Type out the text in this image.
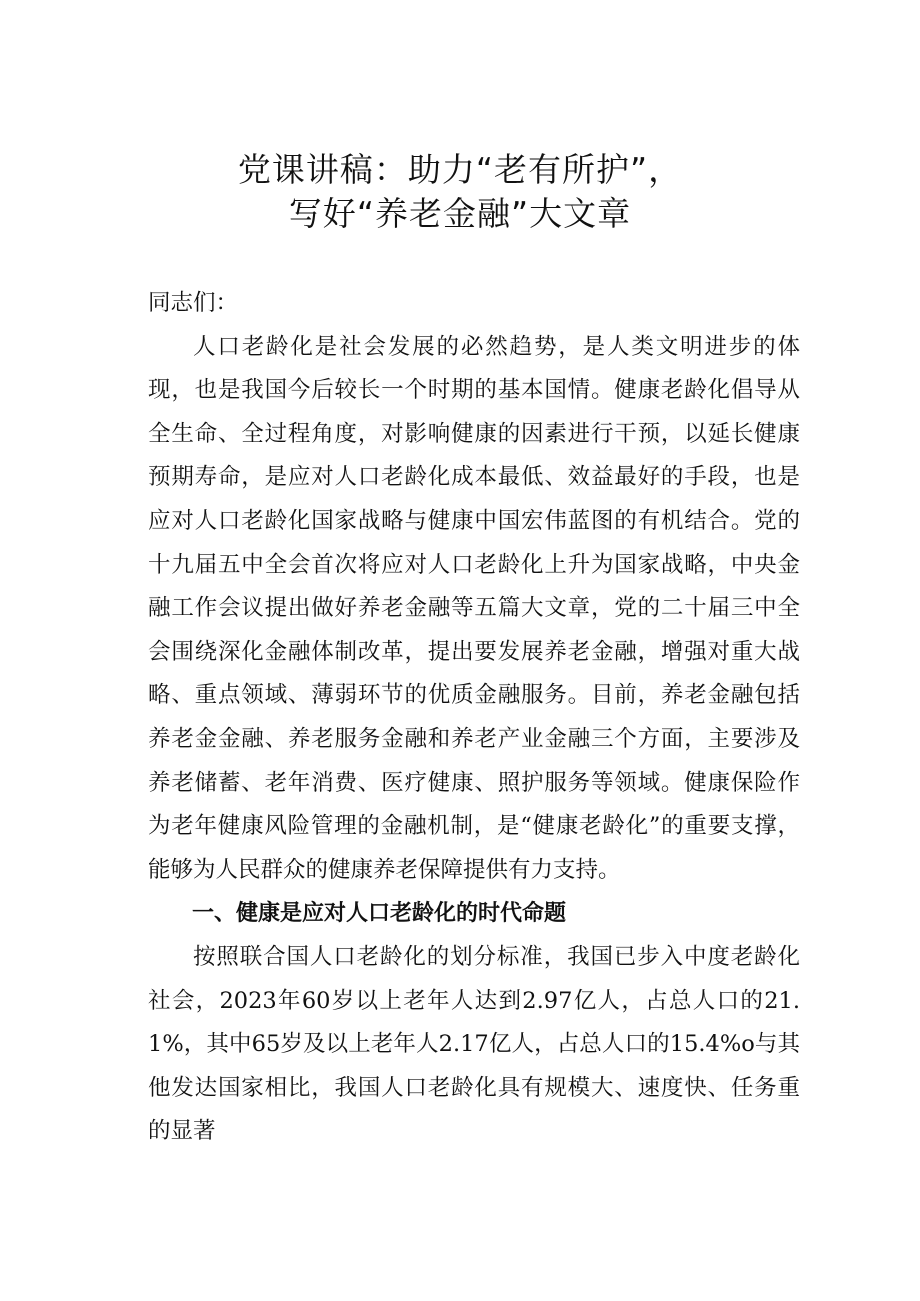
党课讲稿：助力“老有所护”，
写好“养老金融”大文章

同志们：

人口老龄化是社会发展的必然趋势，是人类文明进步的体现，也是我国今后较长一个时期的基本国情。健康老龄化倡导从全生命、全过程角度，对影响健康的因素进行干预，以延长健康预期寿命，是应对人口老龄化成本最低、效益最好的手段，也是应对人口老龄化国家战略与健康中国宏伟蓝图的有机结合。党的十九届五中全会首次将应对人口老龄化上升为国家战略，中央金融工作会议提出做好养老金融等五篇大文章，党的二十届三中全会围绕深化金融体制改革，提出要发展养老金融，增强对重大战略、重点领域、薄弱环节的优质金融服务。目前，养老金融包括养老金金融、养老服务金融和养老产业金融三个方面，主要涉及养老储蓄、老年消费、医疗健康、照护服务等领域。健康保险作为老年健康风险管理的金融机制，是“健康老龄化”的重要支撑，能够为人民群众的健康养老保障提供有力支持。

一、健康是应对人口老龄化的时代命题

按照联合国人口老龄化的划分标准，我国已步入中度老龄化社会，2023年60岁以上老年人达到2.97亿人，占总人口的21.1%，其中65岁及以上老年人2.17亿人，占总人口的15.4%o与其他发达国家相比，我国人口老龄化具有规模大、速度快、任务重的显著
